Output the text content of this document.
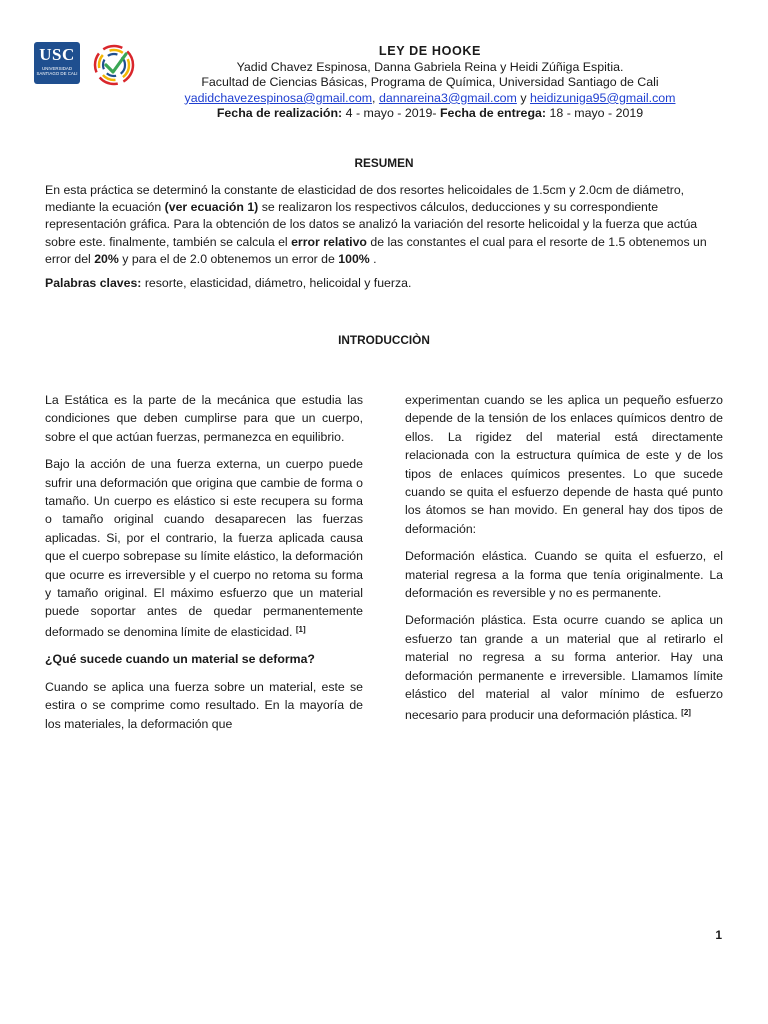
USC
UNIVERSIDAD SANTIAGO DE CALI
LEY DE HOOKE
Yadid Chavez Espinosa, Danna Gabriela Reina y Heidi Zúñiga Espitia.
Facultad de Ciencias Básicas, Programa de Química, Universidad Santiago de Cali
yadidchavezespinosa@gmail.com, dannareina3@gmail.com y heidizuniga95@gmail.com
Fecha de realización: 4 - mayo - 2019- Fecha de entrega: 18 - mayo - 2019
RESUMEN
En esta práctica se determinó la constante de elasticidad de dos resortes helicoidales de 1.5cm y 2.0cm de diámetro, mediante la ecuación (ver ecuación 1) se realizaron los respectivos cálculos, deducciones y su correspondiente representación gráfica. Para la obtención de los datos se analizó la variación del resorte helicoidal y la fuerza que actúa sobre este. finalmente, también se calcula el error relativo de las constantes el cual para el resorte de 1.5 obtenemos un error del 20% y para el de 2.0 obtenemos un error de 100% .
Palabras claves: resorte, elasticidad, diámetro, helicoidal y fuerza.
INTRODUCCIÒN

La Estática es la parte de la mecánica que estudia las condiciones que deben cumplirse para que un cuerpo, sobre el que actúan fuerzas, permanezca en equilibrio.

Bajo la acción de una fuerza externa, un cuerpo puede sufrir una deformación que origina que cambie de forma o tamaño. Un cuerpo es elástico si este recupera su forma o tamaño original cuando desaparecen las fuerzas aplicadas. Si, por el contrario, la fuerza aplicada causa que el cuerpo sobrepase su límite elástico, la deformación que ocurre es irreversible y el cuerpo no retoma su forma y tamaño original. El máximo esfuerzo que un material puede soportar antes de quedar permanentemente deformado se denomina límite de elasticidad. [1]

¿Qué sucede cuando un material se deforma?

Cuando se aplica una fuerza sobre un material, este se estira o se comprime como resultado. En la mayoría de los materiales, la deformación que

experimentan cuando se les aplica un pequeño esfuerzo depende de la tensión de los enlaces químicos dentro de ellos. La rigidez del material está directamente relacionada con la estructura química de este y de los tipos de enlaces químicos presentes. Lo que sucede cuando se quita el esfuerzo depende de hasta qué punto los átomos se han movido. En general hay dos tipos de deformación:

Deformación elástica. Cuando se quita el esfuerzo, el material regresa a la forma que tenía originalmente. La deformación es reversible y no es permanente.

Deformación plástica. Esta ocurre cuando se aplica un esfuerzo tan grande a un material que al retirarlo el material no regresa a su forma anterior. Hay una deformación permanente e irreversible. Llamamos límite elástico del material al valor mínimo de esfuerzo necesario para producir una deformación plástica. [2]

1
